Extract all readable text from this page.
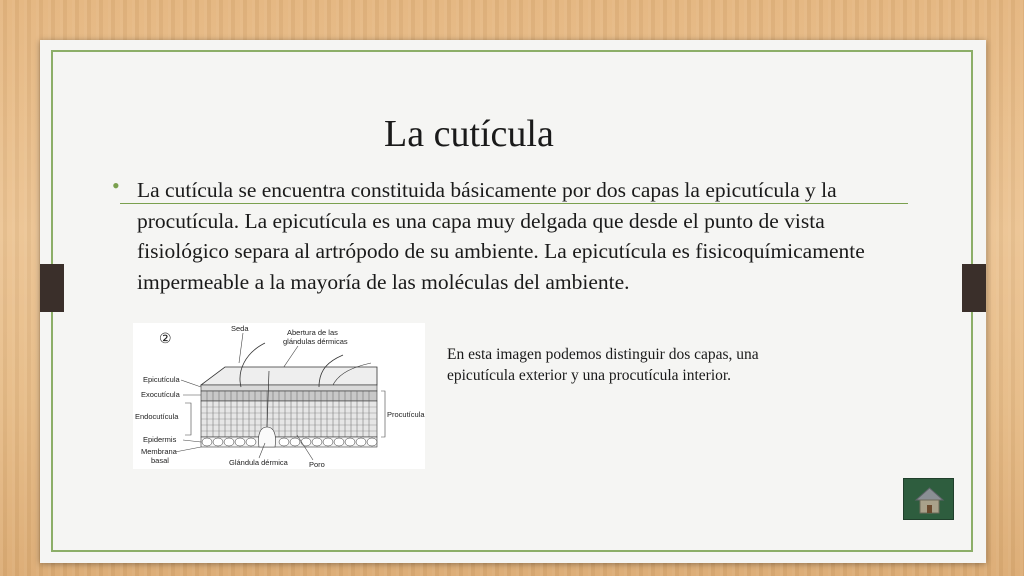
La cutícula
• La cutícula se encuentra constituida básicamente por dos capas la epicutícula y la procutícula. La epicutícula es una capa muy delgada que desde el punto de vista fisiológico separa al artrópodo de su ambiente. La epicutícula es fisicoquímicamente impermeable a la mayoría de las moléculas del ambiente.
②
Seda	Abertura de las
glándulas dérmicas
Epicutícula
Exocutícula
Endocutícula
Epidermis
Membrana
basal
Procutícula
Glándula dérmica	Poro
En esta imagen podemos distinguir dos capas, una epicutícula exterior y una procutícula interior.
